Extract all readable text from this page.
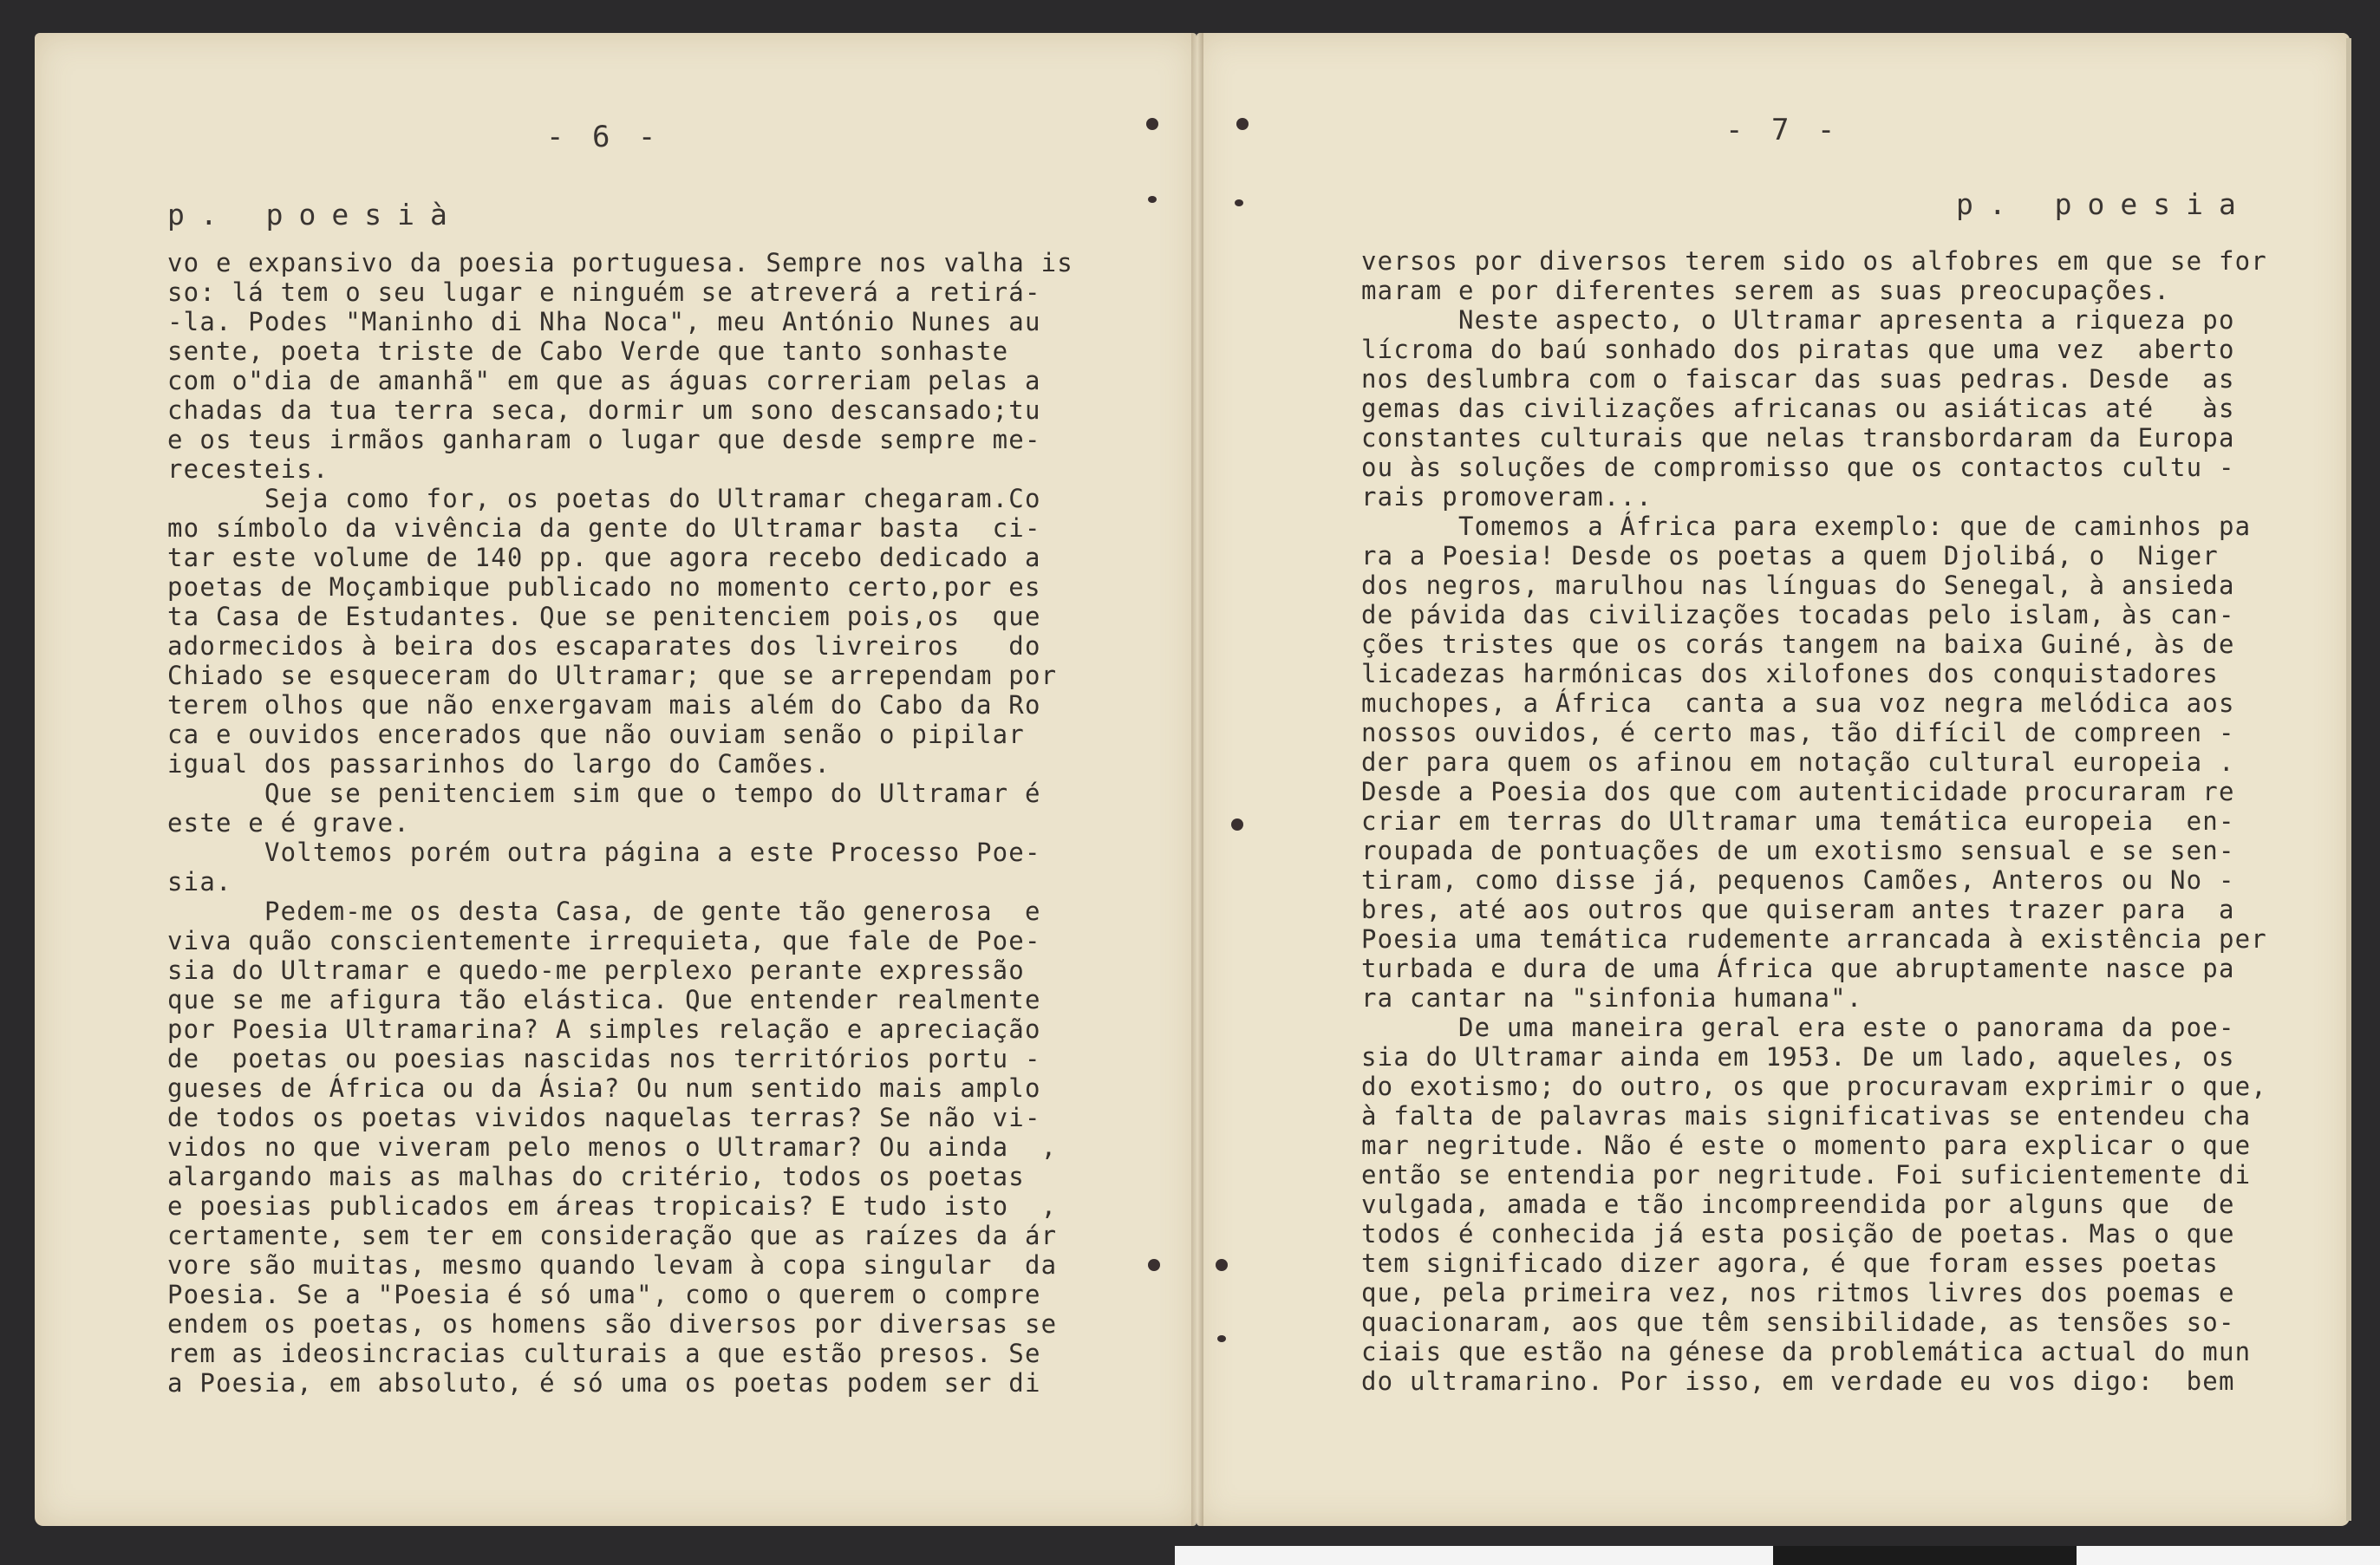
- 6 -
p. poesià
vo e expansivo da poesia portuguesa. Sempre nos valha is
so: lá tem o seu lugar e ninguém se atreverá a retirá-
-la. Podes "Maninho di Nha Noca", meu António Nunes au
sente, poeta triste de Cabo Verde que tanto sonhaste
com o"dia de amanhã" em que as águas correriam pelas a
chadas da tua terra seca, dormir um sono descansado;tu
e os teus irmãos ganharam o lugar que desde sempre me-
recesteis.
Seja como for, os poetas do Ultramar chegaram.Co
mo símbolo da vivência da gente do Ultramar basta  ci-
tar este volume de 140 pp. que agora recebo dedicado a
poetas de Moçambique publicado no momento certo,por es
ta Casa de Estudantes. Que se penitenciem pois,os  que
adormecidos à beira dos escaparates dos livreiros   do
Chiado se esqueceram do Ultramar; que se arrependam por
terem olhos que não enxergavam mais além do Cabo da Ro
ca e ouvidos encerados que não ouviam senão o pipilar
igual dos passarinhos do largo do Camões.
Que se penitenciem sim que o tempo do Ultramar é
este e é grave.
Voltemos porém outra página a este Processo Poe-
sia.
Pedem-me os desta Casa, de gente tão generosa  e
viva quão conscientemente irrequieta, que fale de Poe-
sia do Ultramar e quedo-me perplexo perante expressão
que se me afigura tão elástica. Que entender realmente
por Poesia Ultramarina? A simples relação e apreciação
de  poetas ou poesias nascidas nos territórios portu -
gueses de África ou da Ásia? Ou num sentido mais amplo
de todos os poetas vividos naquelas terras? Se não vi-
vidos no que viveram pelo menos o Ultramar? Ou ainda  ,
alargando mais as malhas do critério, todos os poetas
e poesias publicados em áreas tropicais? E tudo isto  ,
certamente, sem ter em consideração que as raízes da ár
vore são muitas, mesmo quando levam à copa singular  da
Poesia. Se a "Poesia é só uma", como o querem o compre
endem os poetas, os homens são diversos por diversas se
rem as ideosincracias culturais a que estão presos. Se
a Poesia, em absoluto, é só uma os poetas podem ser di
- 7 -
p. poesia
versos por diversos terem sido os alfobres em que se for
maram e por diferentes serem as suas preocupações.
Neste aspecto, o Ultramar apresenta a riqueza po
lícroma do baú sonhado dos piratas que uma vez  aberto
nos deslumbra com o faiscar das suas pedras. Desde  as
gemas das civilizações africanas ou asiáticas até   às
constantes culturais que nelas transbordaram da Europa
ou às soluções de compromisso que os contactos cultu -
rais promoveram...
Tomemos a África para exemplo: que de caminhos pa
ra a Poesia! Desde os poetas a quem Djolibá, o  Niger
dos negros, marulhou nas línguas do Senegal, à ansieda
de pávida das civilizações tocadas pelo islam, às can-
ções tristes que os corás tangem na baixa Guiné, às de
licadezas harmónicas dos xilofones dos conquistadores
muchopes, a África  canta a sua voz negra melódica aos
nossos ouvidos, é certo mas, tão difícil de compreen -
der para quem os afinou em notação cultural europeia .
Desde a Poesia dos que com autenticidade procuraram re
criar em terras do Ultramar uma temática europeia  en-
roupada de pontuações de um exotismo sensual e se sen-
tiram, como disse já, pequenos Camões, Anteros ou No -
bres, até aos outros que quiseram antes trazer para  a
Poesia uma temática rudemente arrancada à existência per
turbada e dura de uma África que abruptamente nasce pa
ra cantar na "sinfonia humana".
De uma maneira geral era este o panorama da poe-
sia do Ultramar ainda em 1953. De um lado, aqueles, os
do exotismo; do outro, os que procuravam exprimir o que,
à falta de palavras mais significativas se entendeu cha
mar negritude. Não é este o momento para explicar o que
então se entendia por negritude. Foi suficientemente di
vulgada, amada e tão incompreendida por alguns que  de
todos é conhecida já esta posição de poetas. Mas o que
tem significado dizer agora, é que foram esses poetas
que, pela primeira vez, nos ritmos livres dos poemas e
quacionaram, aos que têm sensibilidade, as tensões so-
ciais que estão na génese da problemática actual do mun
do ultramarino. Por isso, em verdade eu vos digo:  bem
